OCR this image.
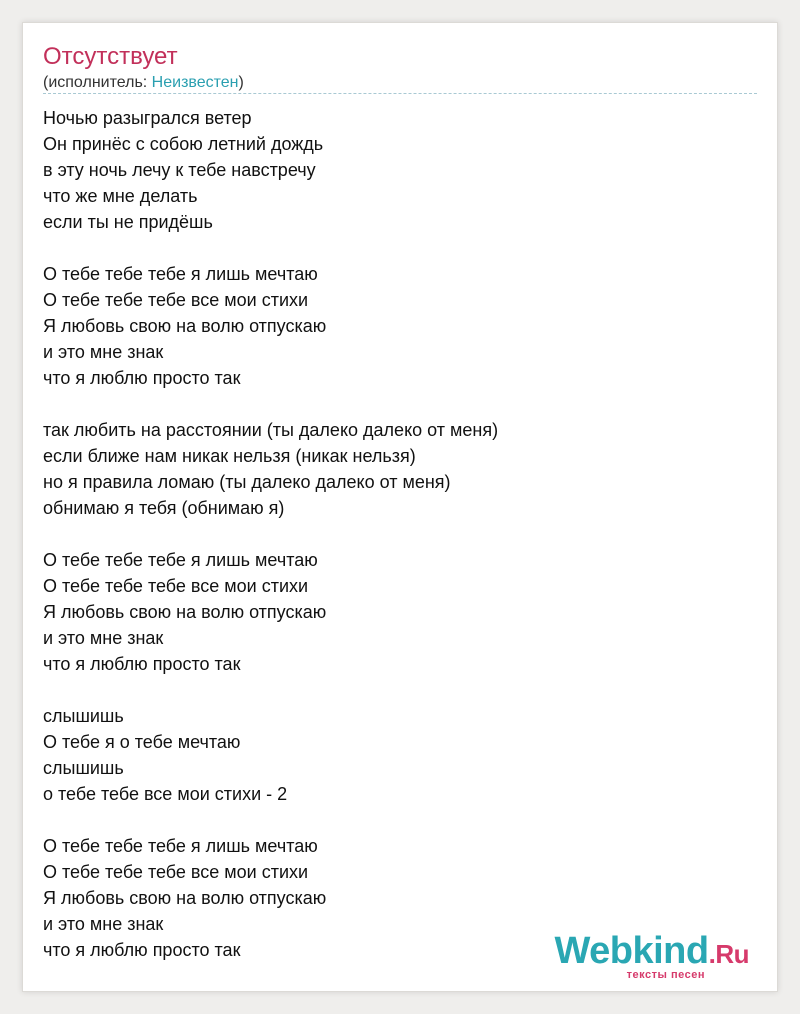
Отсутствует
(исполнитель: Неизвестен)
Ночью разыгрался ветер
Он принёс с собою летний дождь
в эту ночь лечу к тебе навстречу
что же мне делать
если ты не придёшь
О тебе тебе тебе я лишь мечтаю
О тебе тебе тебе все мои стихи
Я любовь свою на волю отпускаю
и это мне знак
что я люблю просто так
так любить на расстоянии (ты далеко далеко от меня)
если ближе нам никак нельзя (никак нельзя)
но я правила ломаю (ты далеко далеко от меня)
обнимаю я тебя (обнимаю я)
О тебе тебе тебе я лишь мечтаю
О тебе тебе тебе все мои стихи
Я любовь свою на волю отпускаю
и это мне знак
что я люблю просто так
слышишь
О тебе я о тебе мечтаю
слышишь
о тебе тебе все мои стихи - 2
О тебе тебе тебе я лишь мечтаю
О тебе тебе тебе все мои стихи
Я любовь свою на волю отпускаю
и это мне знак
что я люблю просто так	Webkind.Ru
тексты песен
